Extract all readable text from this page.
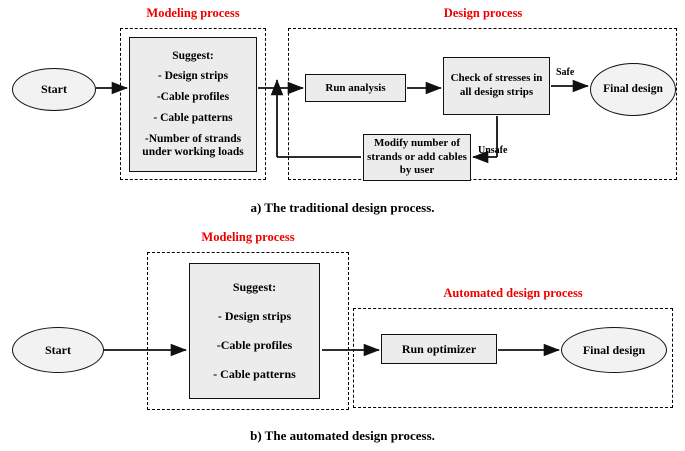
Modeling process	Design process
Start
Suggest:
- Design strips
-Cable profiles
- Cable patterns
-Number of strands under working loads
Run analysis
Check of stresses in all design strips
Modify number of strands or add cables by user
Final design
Safe
Unsafe
a) The traditional design process.
Modeling process
Automated design process
Start
Suggest:
- Design strips
-Cable profiles
- Cable patterns
Run optimizer	Final design
b) The automated design process.
